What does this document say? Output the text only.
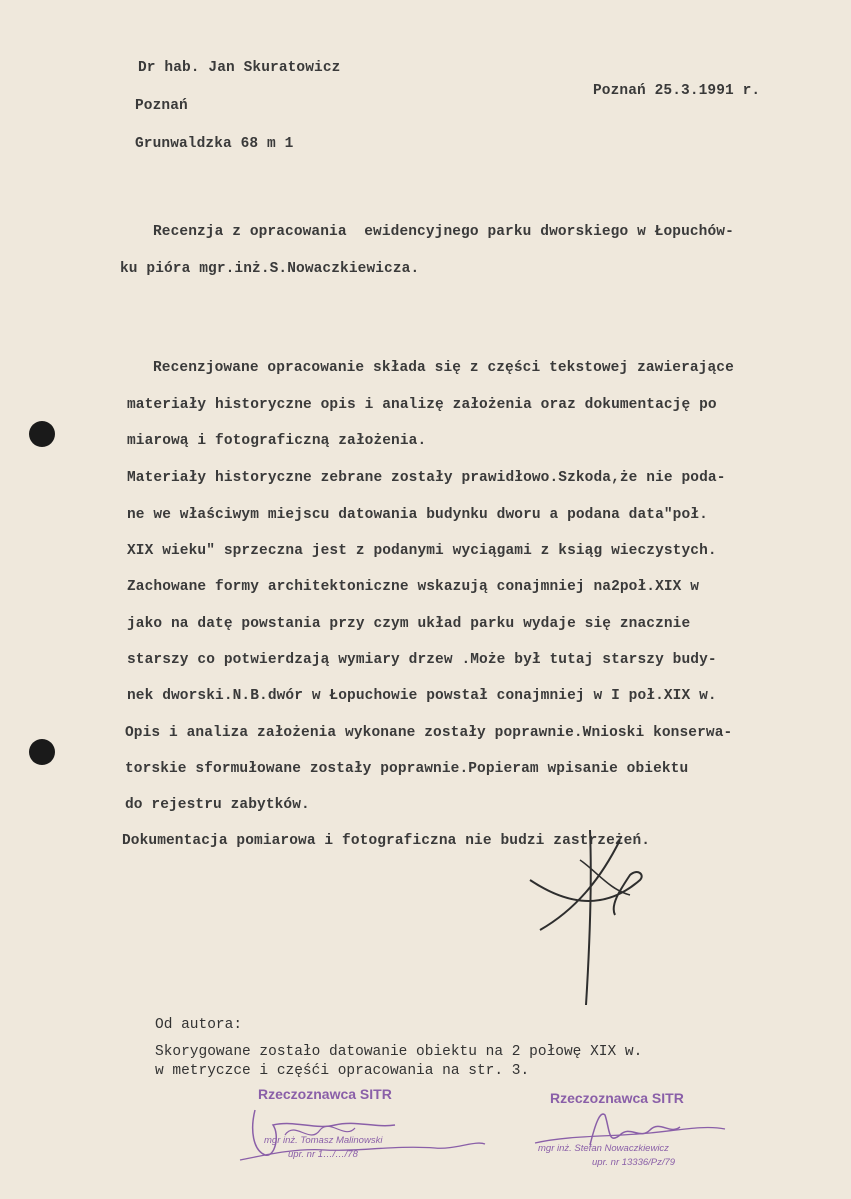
Dr hab. Jan Skuratowicz
Poznań
Grunwaldzka 68 m 1
Poznań 25.3.1991 r.
Recenzja z opracowania  ewidencyjnego parku dworskiego w Łopuchów-
ku pióra mgr.inż.S.Nowaczkiewicza.
Recenzjowane opracowanie składa się z części tekstowej zawierające
materiały historyczne opis i analizę założenia oraz dokumentację po
miarową i fotograficzną założenia.
Materiały historyczne zebrane zostały prawidłowo.Szkoda,że nie poda-
ne we właściwym miejscu datowania budynku dworu a podana data"poł.
XIX wieku" sprzeczna jest z podanymi wyciągami z ksiąg wieczystych.
Zachowane formy architektoniczne wskazują conajmniej na2poł.XIX w
jako na datę powstania przy czym układ parku wydaje się znacznie
starszy co potwierdzają wymiary drzew .Może był tutaj starszy budy-
nek dworski.N.B.dwór w Łopuchowie powstał conajmniej w I poł.XIX w.
Opis i analiza założenia wykonane zostały poprawnie.Wnioski konserwa-
torskie sformułowane zostały poprawnie.Popieram wpisanie obiektu
do rejestru zabytków.
Dokumentacja pomiarowa i fotograficzna nie budzi zastrzeżeń.
Od autora:
Skorygowane zostało datowanie obiektu na 2 połowę XIX w.
w metryczce i częśći opracowania na str. 3.
Rzeczoznawca SITR
mgr inż. Tomasz Malinowski
upr. nr 1…/…/78
Rzeczoznawca SITR
mgr inż. Stefan Nowaczkiewicz
upr. nr 13336/Pz/79
